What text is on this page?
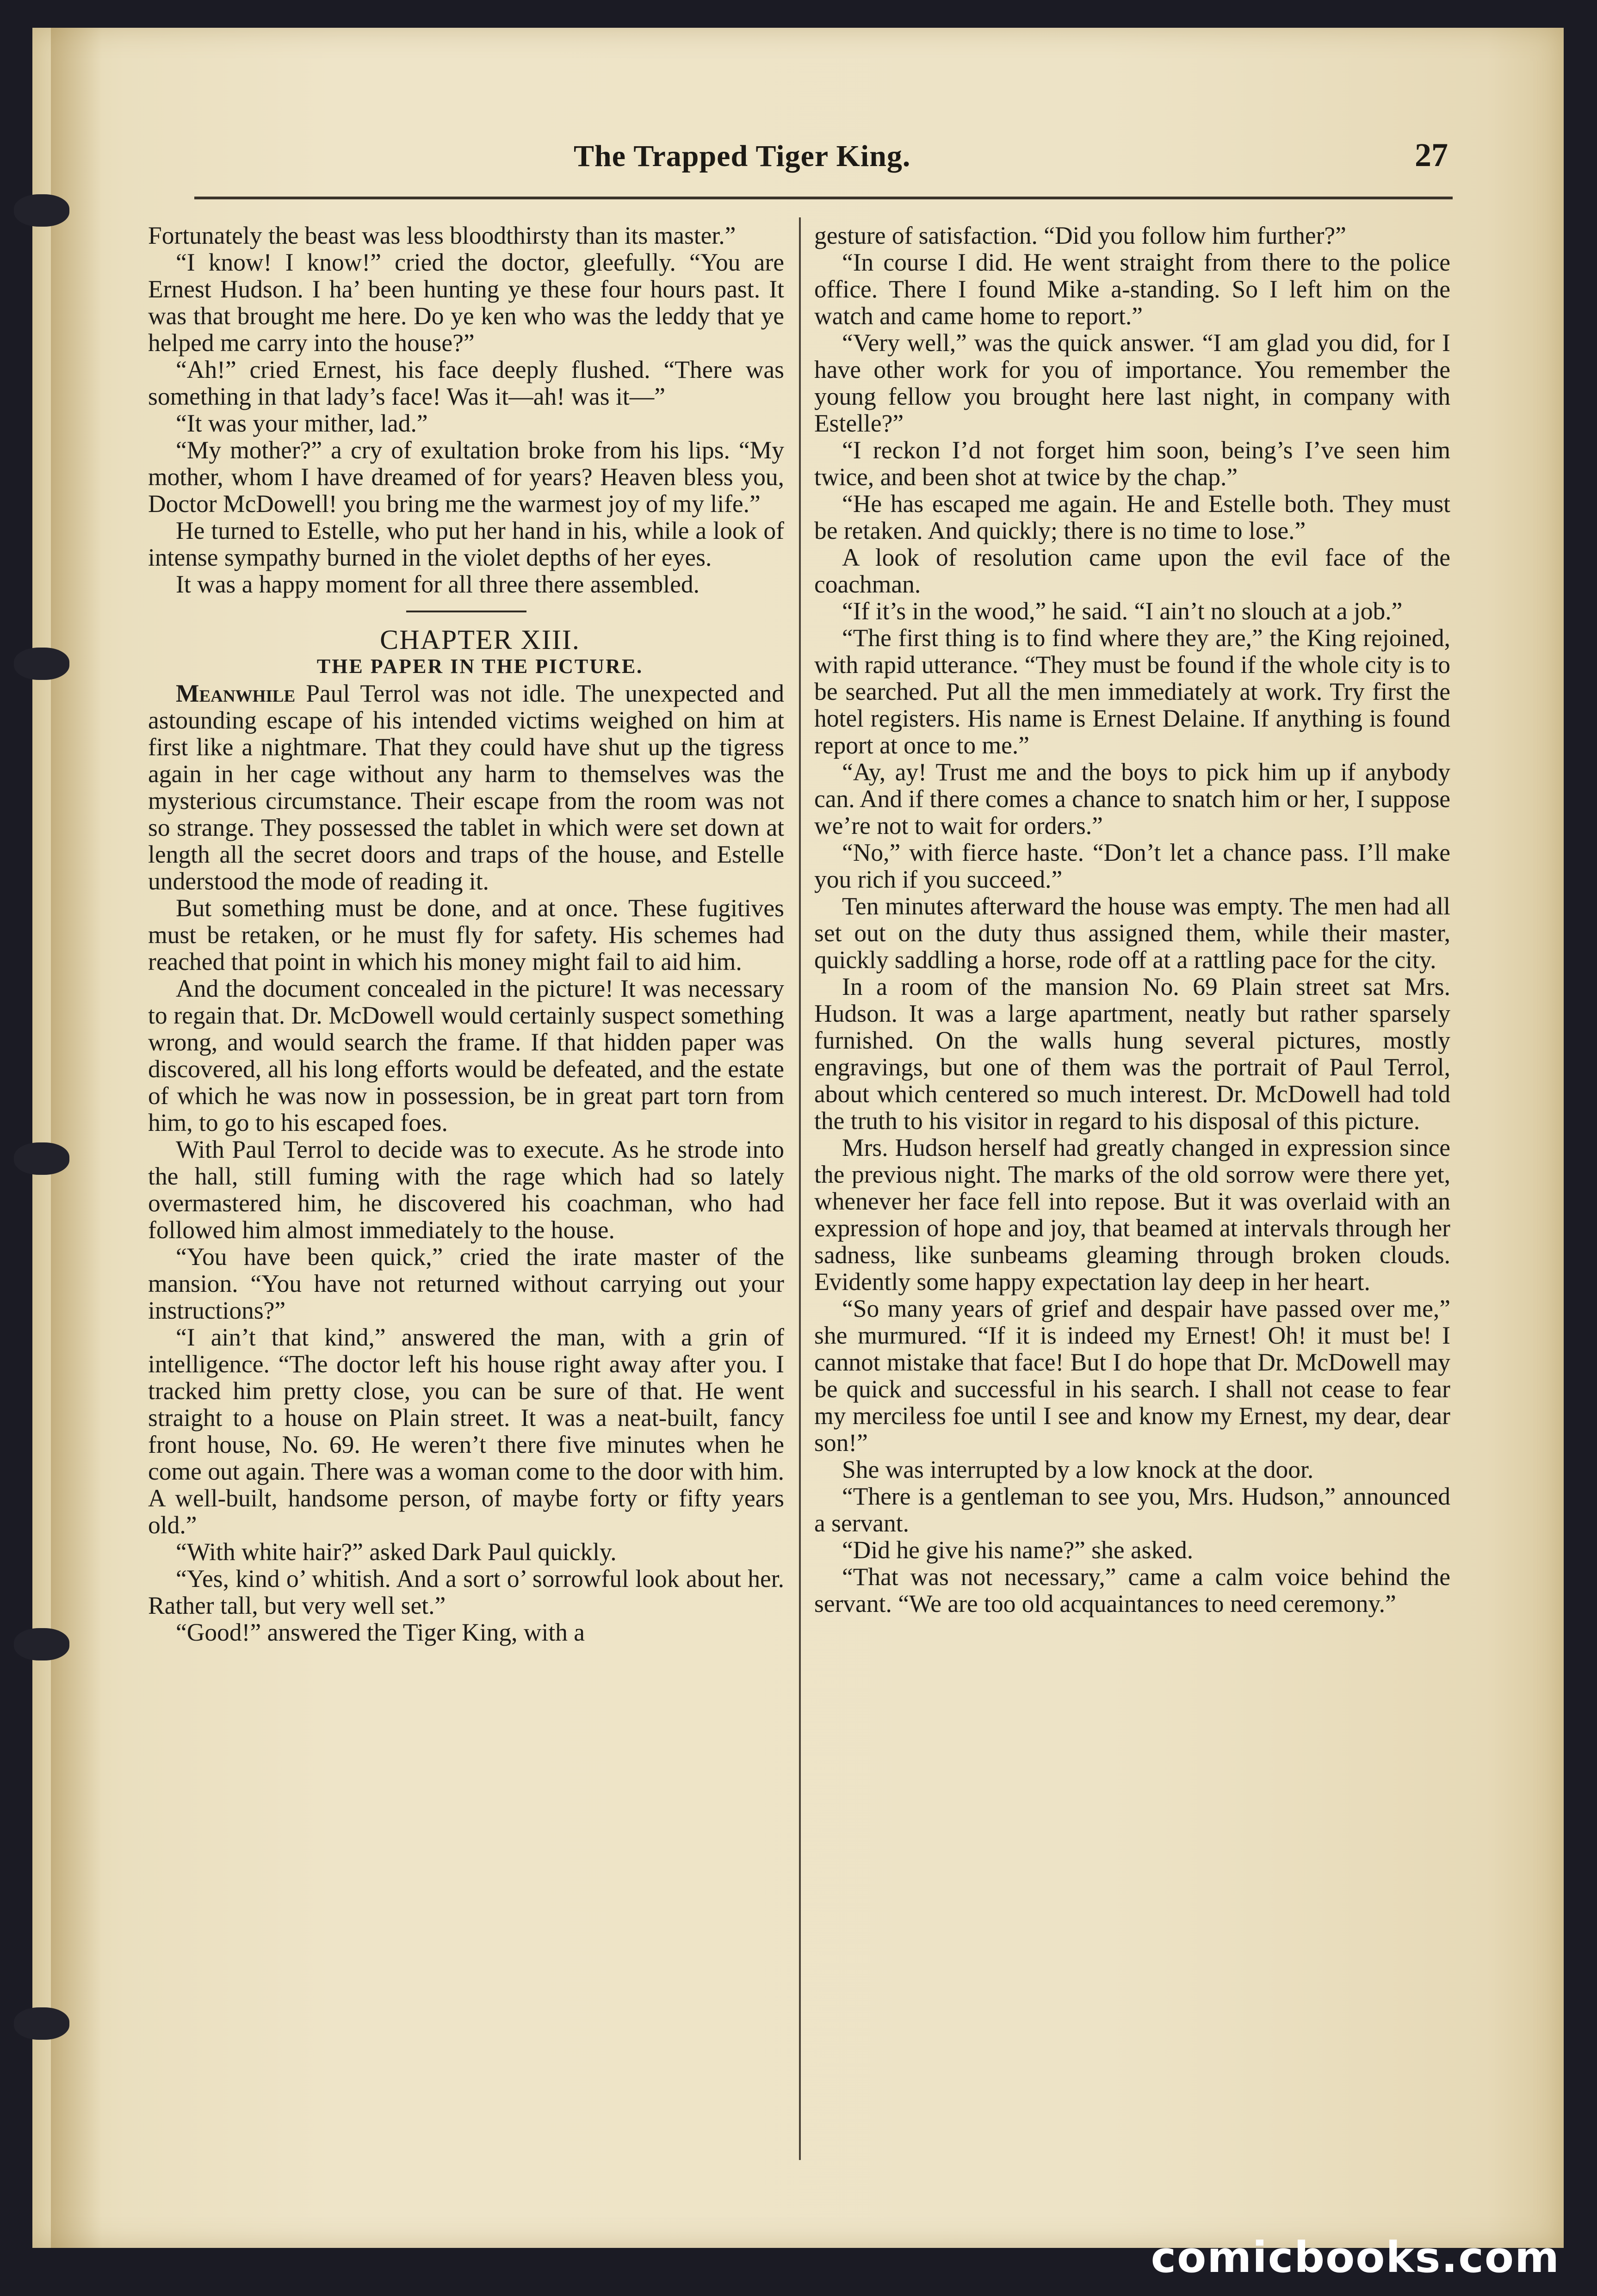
The Trapped Tiger King.	27

Fortunately the beast was less bloodthirsty than its master.”

“I know! I know!” cried the doctor, gleefully. “You are Ernest Hudson. I ha’ been hunting ye these four hours past. It was that brought me here. Do ye ken who was the leddy that ye helped me carry into the house?”

“Ah!” cried Ernest, his face deeply flushed. “There was something in that lady’s face! Was it—ah! was it—”

“It was your mither, lad.”

“My mother?” a cry of exultation broke from his lips. “My mother, whom I have dreamed of for years? Heaven bless you, Doctor McDowell! you bring me the warmest joy of my life.”

He turned to Estelle, who put her hand in his, while a look of intense sympathy burned in the violet depths of her eyes.

It was a happy moment for all three there assembled.

CHAPTER XIII.

THE PAPER IN THE PICTURE.

Meanwhile Paul Terrol was not idle. The unexpected and astounding escape of his intended victims weighed on him at first like a nightmare. That they could have shut up the tigress again in her cage without any harm to themselves was the mysterious circumstance. Their escape from the room was not so strange. They possessed the tablet in which were set down at length all the secret doors and traps of the house, and Estelle understood the mode of reading it.

But something must be done, and at once. These fugitives must be retaken, or he must fly for safety. His schemes had reached that point in which his money might fail to aid him.

And the document concealed in the picture! It was necessary to regain that. Dr. McDowell would certainly suspect something wrong, and would search the frame. If that hidden paper was discovered, all his long efforts would be defeated, and the estate of which he was now in possession, be in great part torn from him, to go to his escaped foes.

With Paul Terrol to decide was to execute. As he strode into the hall, still fuming with the rage which had so lately overmastered him, he discovered his coachman, who had followed him almost immediately to the house.

“You have been quick,” cried the irate master of the mansion. “You have not returned without carrying out your instructions?”

“I ain’t that kind,” answered the man, with a grin of intelligence. “The doctor left his house right away after you. I tracked him pretty close, you can be sure of that. He went straight to a house on Plain street. It was a neat-built, fancy front house, No. 69. He weren’t there five minutes when he come out again. There was a woman come to the door with him. A well-built, handsome person, of maybe forty or fifty years old.”

“With white hair?” asked Dark Paul quickly.

“Yes, kind o’ whitish. And a sort o’ sorrowful look about her. Rather tall, but very well set.”

“Good!” answered the Tiger King, with a

gesture of satisfaction. “Did you follow him further?”

“In course I did. He went straight from there to the police office. There I found Mike a-standing. So I left him on the watch and came home to report.”

“Very well,” was the quick answer. “I am glad you did, for I have other work for you of importance. You remember the young fellow you brought here last night, in company with Estelle?”

“I reckon I’d not forget him soon, being’s I’ve seen him twice, and been shot at twice by the chap.”

“He has escaped me again. He and Estelle both. They must be retaken. And quickly; there is no time to lose.”

A look of resolution came upon the evil face of the coachman.

“If it’s in the wood,” he said. “I ain’t no slouch at a job.”

“The first thing is to find where they are,” the King rejoined, with rapid utterance. “They must be found if the whole city is to be searched. Put all the men immediately at work. Try first the hotel registers. His name is Ernest Delaine. If anything is found report at once to me.”

“Ay, ay! Trust me and the boys to pick him up if anybody can. And if there comes a chance to snatch him or her, I suppose we’re not to wait for orders.”

“No,” with fierce haste. “Don’t let a chance pass. I’ll make you rich if you succeed.”

Ten minutes afterward the house was empty. The men had all set out on the duty thus assigned them, while their master, quickly saddling a horse, rode off at a rattling pace for the city.

In a room of the mansion No. 69 Plain street sat Mrs. Hudson. It was a large apartment, neatly but rather sparsely furnished. On the walls hung several pictures, mostly engravings, but one of them was the portrait of Paul Terrol, about which centered so much interest. Dr. McDowell had told the truth to his visitor in regard to his disposal of this picture.

Mrs. Hudson herself had greatly changed in expression since the previous night. The marks of the old sorrow were there yet, whenever her face fell into repose. But it was overlaid with an expression of hope and joy, that beamed at intervals through her sadness, like sunbeams gleaming through broken clouds. Evidently some happy expectation lay deep in her heart.

“So many years of grief and despair have passed over me,” she murmured. “If it is indeed my Ernest! Oh! it must be! I cannot mistake that face! But I do hope that Dr. McDowell may be quick and successful in his search. I shall not cease to fear my merciless foe until I see and know my Ernest, my dear, dear son!”

She was interrupted by a low knock at the door.

“There is a gentleman to see you, Mrs. Hudson,” announced a servant.

“Did he give his name?” she asked.

“That was not necessary,” came a calm voice behind the servant. “We are too old acquaintances to need ceremony.”

comicbooks.com
